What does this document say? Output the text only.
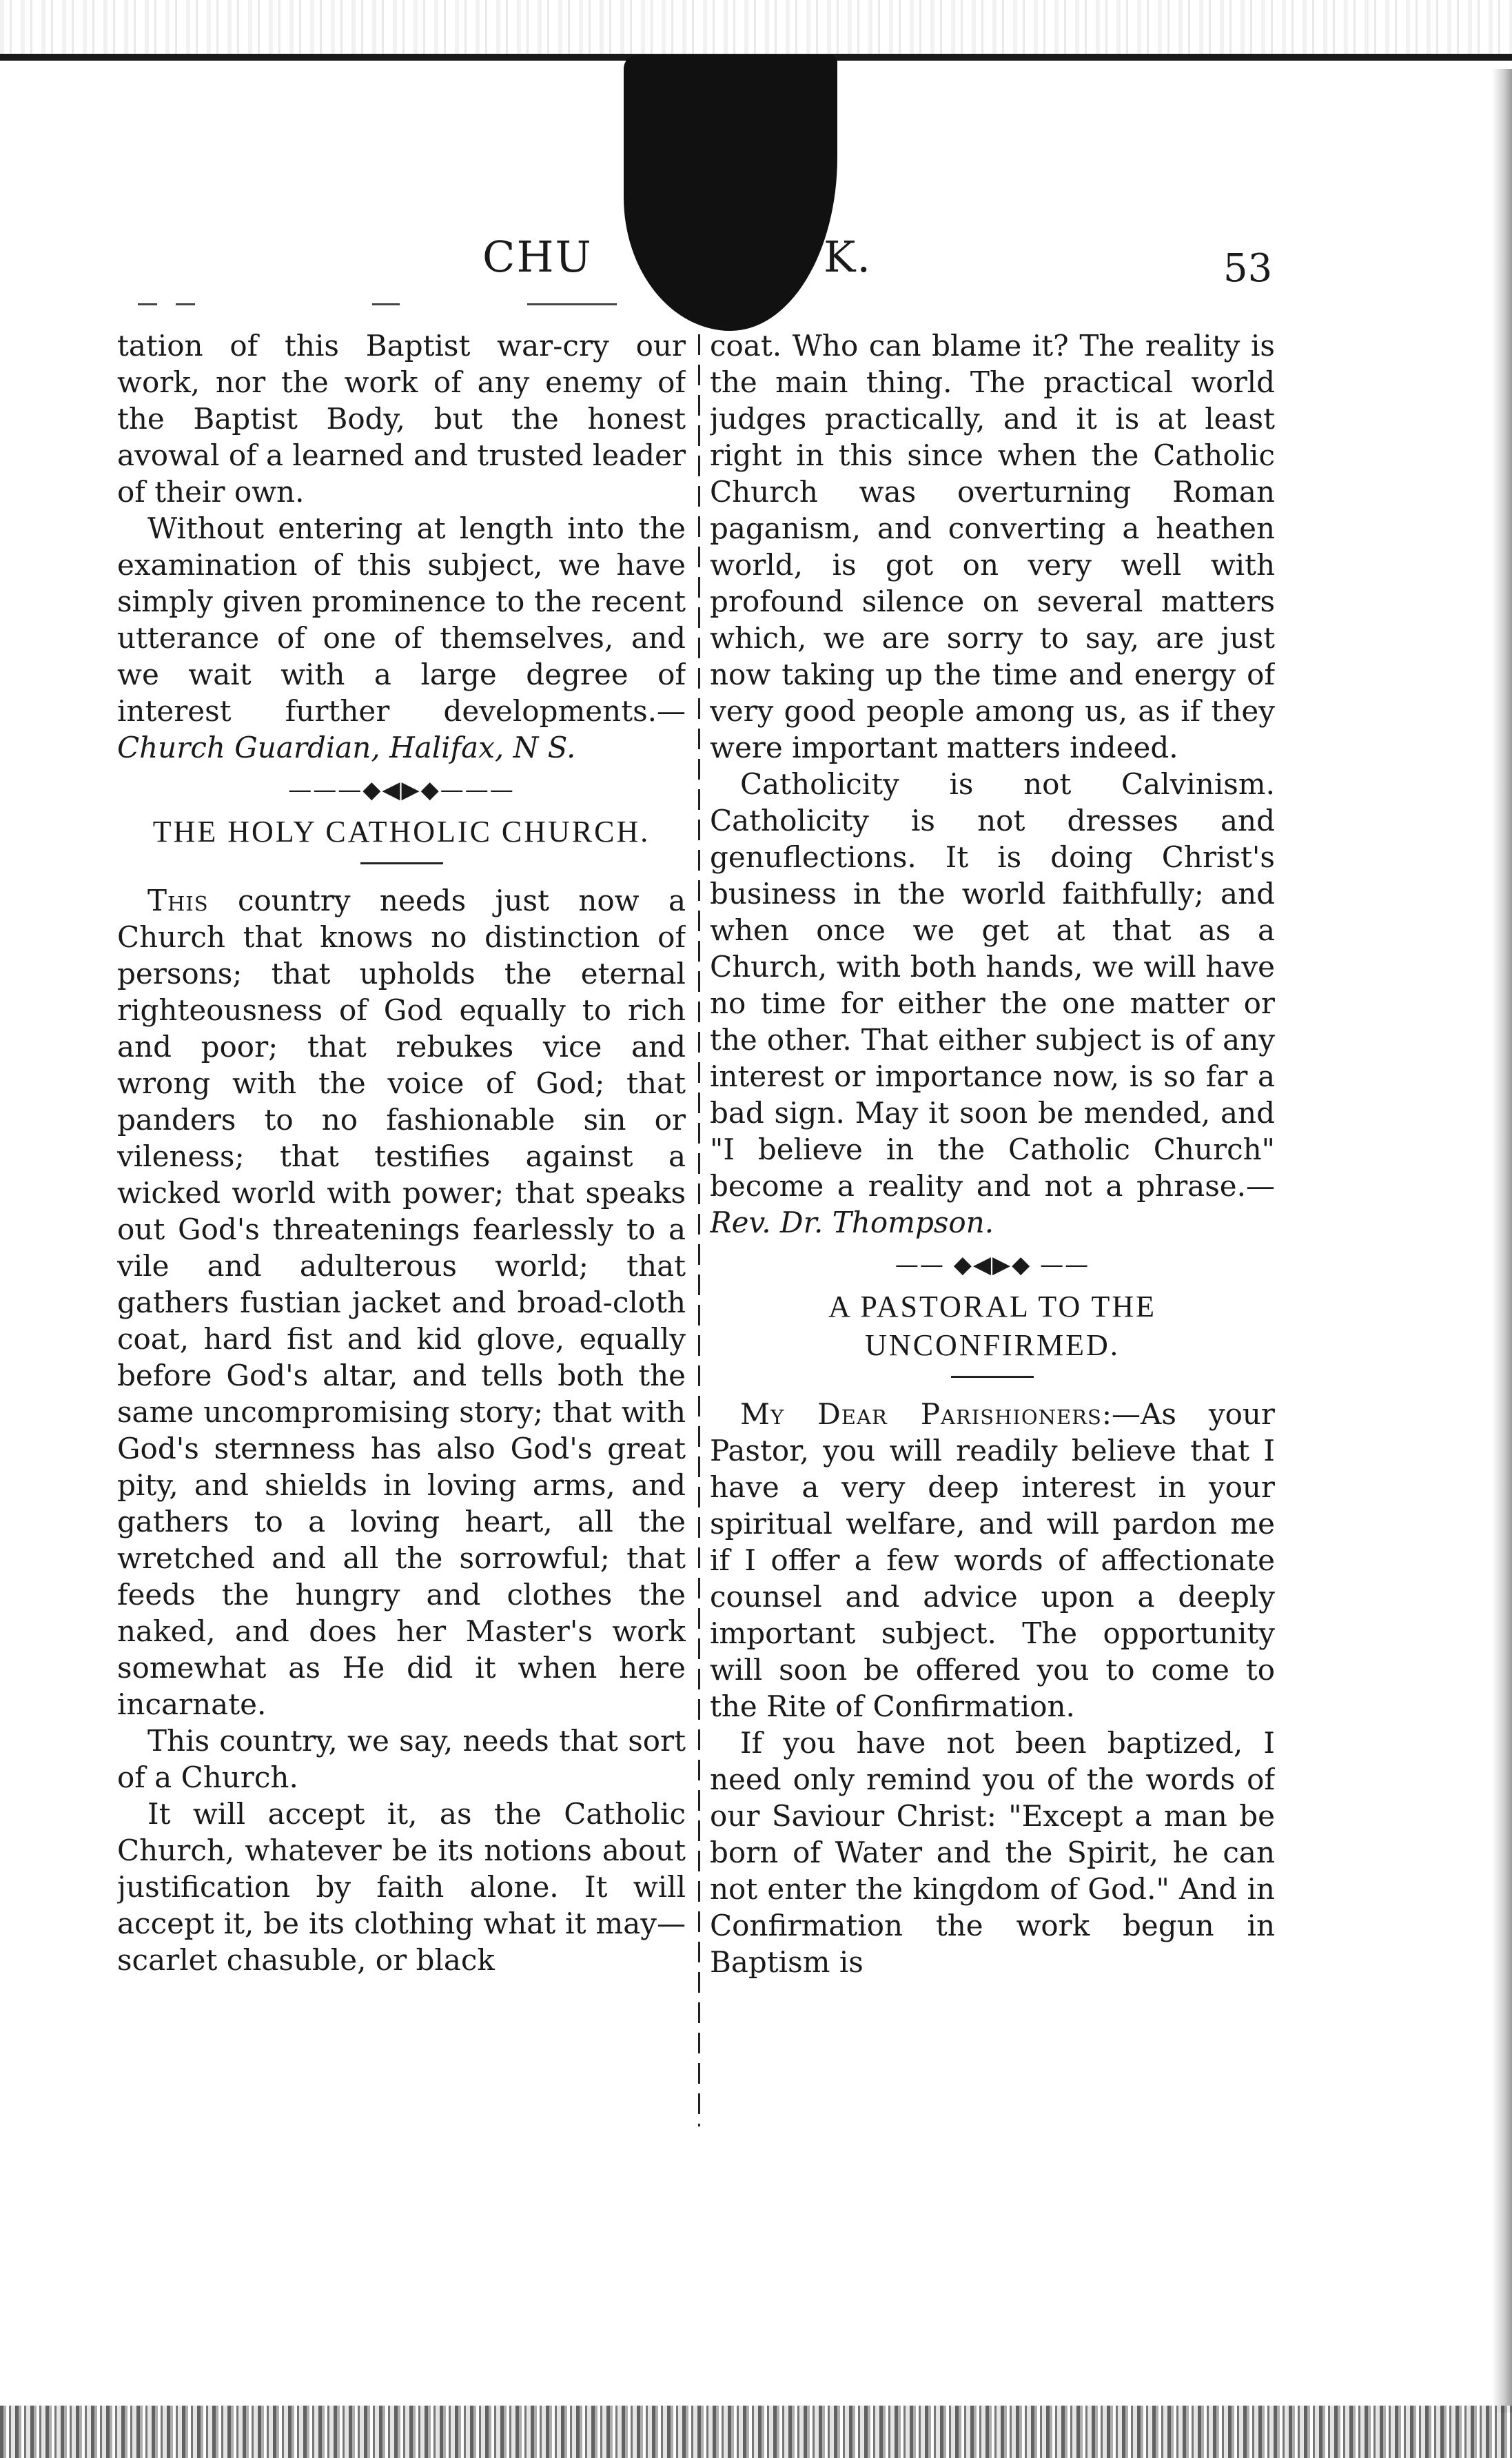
CHU	K.	53

tation of this Baptist war-cry our work, nor the work of any enemy of the Baptist Body, but the honest avowal of a learned and trusted leader of their own.

Without entering at length into the examination of this subject, we have simply given prominence to the recent utterance of one of themselves, and we wait with a large degree of interest further developments.—Church Guardian, Halifax, N S.

———◆◀▶◆———
THE HOLY CATHOLIC CHURCH.

This country needs just now a Church that knows no distinction of persons; that upholds the eternal righteousness of God equally to rich and poor; that rebukes vice and wrong with the voice of God; that panders to no fashionable sin or vileness; that testifies against a wicked world with power; that speaks out God's threatenings fearlessly to a vile and adulterous world; that gathers fustian jacket and broad-cloth coat, hard fist and kid glove, equally before God's altar, and tells both the same uncompromising story; that with God's sternness has also God's great pity, and shields in loving arms, and gathers to a loving heart, all the wretched and all the sorrowful; that feeds the hungry and clothes the naked, and does her Master's work somewhat as He did it when here incarnate.

This country, we say, needs that sort of a Church.

It will accept it, as the Catholic Church, whatever be its notions about justification by faith alone. It will accept it, be its clothing what it may—scarlet chasuble, or black

coat. Who can blame it? The reality is the main thing. The practical world judges practically, and it is at least right in this since when the Catholic Church was overturning Roman paganism, and converting a heathen world, is got on very well with profound silence on several matters which, we are sorry to say, are just now taking up the time and energy of very good people among us, as if they were important matters indeed.

Catholicity is not Calvinism. Catholicity is not dresses and genuflections. It is doing Christ's business in the world faithfully; and when once we get at that as a Church, with both hands, we will have no time for either the one matter or the other. That either subject is of any interest or importance now, is so far a bad sign. May it soon be mended, and "I believe in the Catholic Church" become a reality and not a phrase.—Rev. Dr. Thompson.

—— ◆◀▶◆ ——
A PASTORAL TO THE UNCONFIRMED.

My Dear Parishioners:—As your Pastor, you will readily believe that I have a very deep interest in your spiritual welfare, and will pardon me if I offer a few words of affectionate counsel and advice upon a deeply important subject. The opportunity will soon be offered you to come to the Rite of Confirmation.

If you have not been baptized, I need only remind you of the words of our Saviour Christ: "Except a man be born of Water and the Spirit, he can not enter the kingdom of God." And in Confirmation the work begun in Baptism is
